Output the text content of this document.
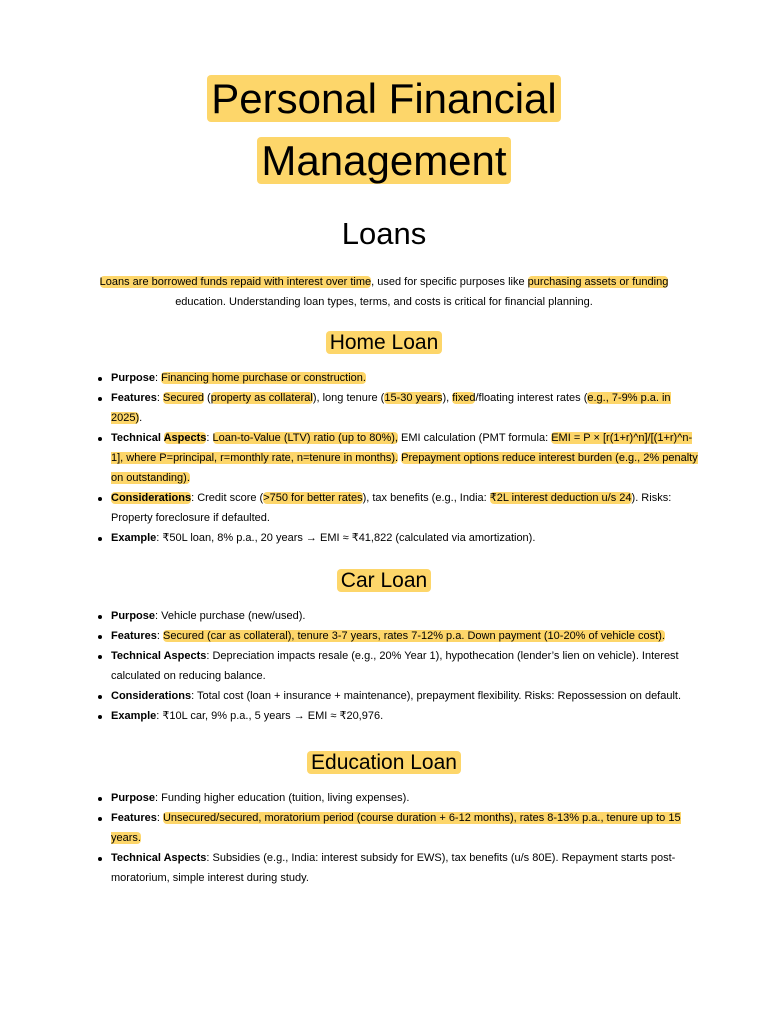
Personal Financial
Management
Loans

Loans are borrowed funds repaid with interest over time, used for specific purposes like purchasing assets or funding
education. Understanding loan types, terms, and costs is critical for financial planning.

Home Loan
Purpose: Financing home purchase or construction.
Features: Secured (property as collateral), long tenure (15-30 years), fixed/floating interest rates (e.g., 7-9% p.a. in 2025).
Technical Aspects: Loan-to-Value (LTV) ratio (up to 80%), EMI calculation (PMT formula: EMI = P × [r(1+r)^n]/[(1+r)^n-1], where P=principal, r=monthly rate, n=tenure in months). Prepayment options reduce interest burden (e.g., 2% penalty on outstanding).
Considerations: Credit score (>750 for better rates), tax benefits (e.g., India: ₹2L interest deduction u/s 24). Risks: Property foreclosure if defaulted.
Example: ₹50L loan, 8% p.a., 20 years → EMI ≈ ₹41,822 (calculated via amortization).
Car Loan
Purpose: Vehicle purchase (new/used).
Features: Secured (car as collateral), tenure 3-7 years, rates 7-12% p.a. Down payment (10-20% of vehicle cost).
Technical Aspects: Depreciation impacts resale (e.g., 20% Year 1), hypothecation (lender’s lien on vehicle). Interest calculated on reducing balance.
Considerations: Total cost (loan + insurance + maintenance), prepayment flexibility. Risks: Repossession on default.
Example: ₹10L car, 9% p.a., 5 years → EMI ≈ ₹20,976.
Education Loan
Purpose: Funding higher education (tuition, living expenses).
Features: Unsecured/secured, moratorium period (course duration + 6-12 months), rates 8-13% p.a., tenure up to 15 years.
Technical Aspects: Subsidies (e.g., India: interest subsidy for EWS), tax benefits (u/s 80E). Repayment starts post-moratorium, simple interest during study.
